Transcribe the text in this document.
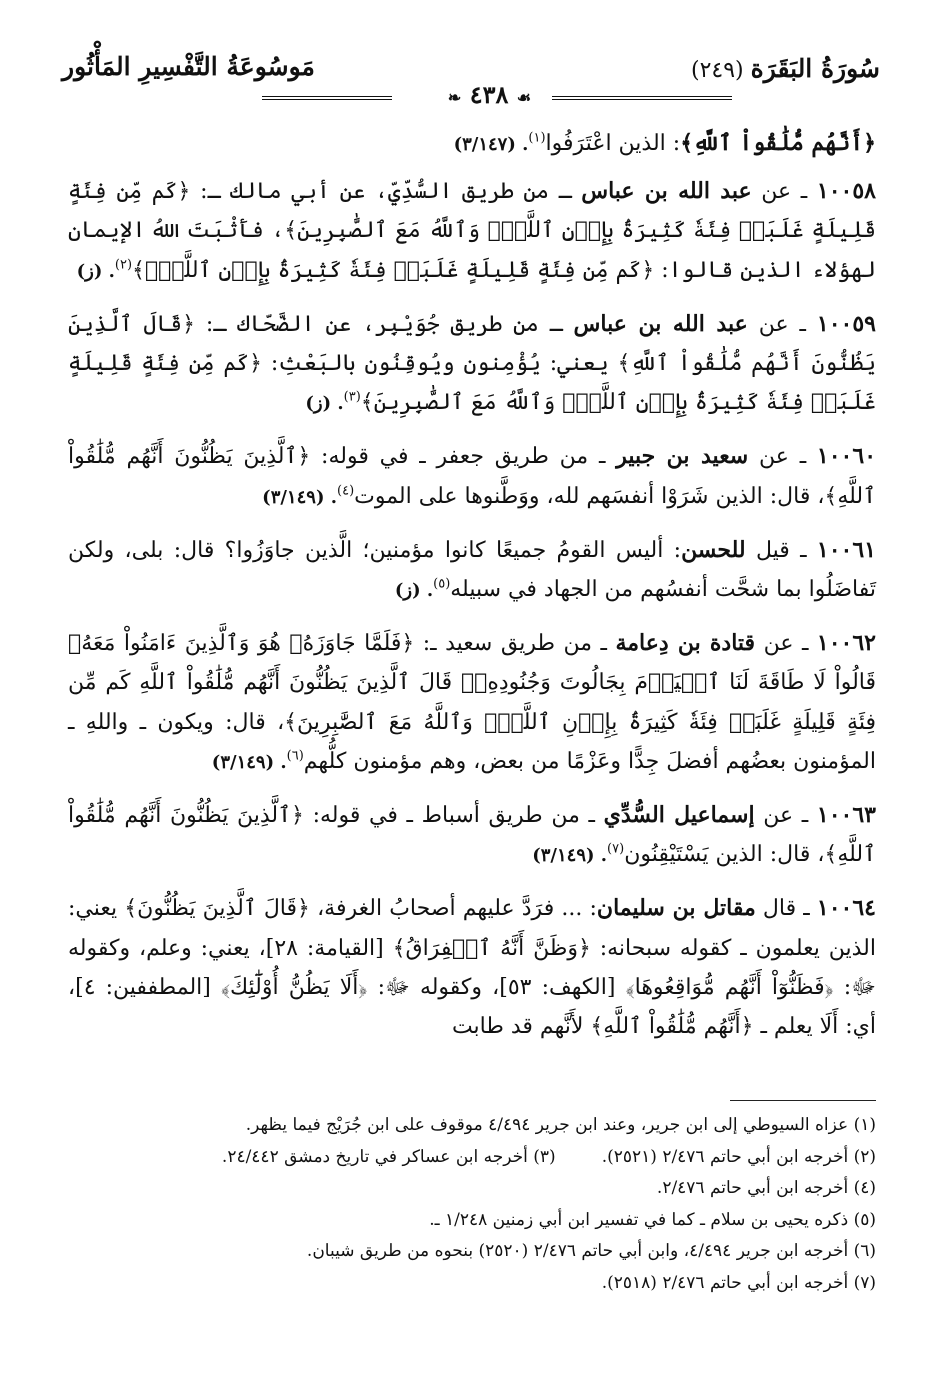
سُورَةُ البَقَرَة (٢٤٩)
❧ ٤٣٨ ☙
مَوسُوعَةُ التَّفْسِيرِ المَأْثُور

﴿أَنَّهُم مُّلَٰقُواْ ٱللَّهِ﴾: الذين اعْتَرَفُوا$^{(١)}$. (٣/١٤٧)

١٠٠٥٨ ـ عن عبد الله بن عباس ـ من طريق السُّدِّيِّ، عن أبي مالك ـ: ﴿كَم مِّن فِئَةٍ قَلِيلَةٍ غَلَبَتۡ فِئَةٗ كَثِيرَةَۢ بِإِذۡنِ ٱللَّهِۗ وَٱللَّهُ مَعَ ٱلصَّٰبِرِينَ﴾، فأَثْبَتَ اللهُ الإيمان لهؤلاء الذين قالوا: ﴿كَم مِّن فِئَةٍ قَلِيلَةٍ غَلَبَتۡ فِئَةٗ كَثِيرَةَۢ بِإِذۡنِ ٱللَّهِۗ﴾$^{(٢)}$. (ز)

١٠٠٥٩ ـ عن عبد الله بن عباس ـ من طريق جُوَيْبِر، عن الضَّحّاك ـ: ﴿قَالَ ٱلَّذِينَ يَظُنُّونَ أَنَّهُم مُّلَٰقُواْ ٱللَّهِ﴾ يعني: يُؤْمِنون ويُوقِنُون بالبَعْثِ: ﴿كَم مِّن فِئَةٍ قَلِيلَةٍ غَلَبَتۡ فِئَةٗ كَثِيرَةَۢ بِإِذۡنِ ٱللَّهِۗ وَٱللَّهُ مَعَ ٱلصَّٰبِرِينَ﴾$^{(٣)}$. (ز)

١٠٠٦٠ ـ عن سعيد بن جبير ـ من طريق جعفر ـ في قوله: ﴿ٱلَّذِينَ يَظُنُّونَ أَنَّهُم مُّلَٰقُواْ ٱللَّهِ﴾، قال: الذين شَرَوْا أنفسَهم لله، ووَطَّنوها على الموت$^{(٤)}$. (٣/١٤٩)

١٠٠٦١ ـ قيل للحسن: أليس القومُ جميعًا كانوا مؤمنين؛ الَّذين جاوَزُوا؟ قال: بلى، ولكن تَفاضَلُوا بما شحَّت أنفسُهم من الجهاد في سبيله$^{(٥)}$. (ز)

١٠٠٦٢ ـ عن قتادة بن دِعامة ـ من طريق سعيد ـ: ﴿فَلَمَّا جَاوَزَهُۥ هُوَ وَٱلَّذِينَ ءَامَنُواْ مَعَهُۥ قَالُواْ لَا طَاقَةَ لَنَا ٱلۡيَوۡمَ بِجَالُوتَ وَجُنُودِهِۦۚ قَالَ ٱلَّذِينَ يَظُنُّونَ أَنَّهُم مُّلَٰقُواْ ٱللَّهِ كَم مِّن فِئَةٍ قَلِيلَةٍ غَلَبَتۡ فِئَةٗ كَثِيرَةَۢ بِإِذۡنِ ٱللَّهِۗ وَٱللَّهُ مَعَ ٱلصَّٰبِرِينَ﴾، قال: ويكون ـ واللهِ ـ المؤمنون بعضُهم أفضلَ جِدًّا وعَزْمًا من بعض، وهم مؤمنون كلُّهم$^{(٦)}$. (٣/١٤٩)

١٠٠٦٣ ـ عن إسماعيل السُّدِّي ـ من طريق أسباط ـ في قوله: ﴿ٱلَّذِينَ يَظُنُّونَ أَنَّهُم مُّلَٰقُواْ ٱللَّهِ﴾، قال: الذين يَسْتَيْقِنُون$^{(٧)}$. (٣/١٤٩)

١٠٠٦٤ ـ قال مقاتل بن سليمان: ... فرَدَّ عليهم أصحابُ الغرفة، ﴿قَالَ ٱلَّذِينَ يَظُنُّونَ﴾ يعني: الذين يعلمون ـ كقوله سبحانه: ﴿وَظَنَّ أَنَّهُ ٱلۡفِرَاقُ﴾ [القيامة: ٢٨]، يعني: وعلم، وكقوله ﷻ: ﴿فَظَنُّوٓاْ أَنَّهُم مُّوَاقِعُوهَا﴾ [الكهف: ٥٣]، وكقوله ﷻ: ﴿أَلَا يَظُنُّ أُوْلَٰٓئِكَ﴾ [المطففين: ٤]، أي: أَلَا يعلم ـ ﴿أَنَّهُم مُّلَٰقُواْ ٱللَّهِ﴾ لأَنَّهم قد طابت

(١) عزاه السيوطي إلى ابن جرير، وعند ابن جرير ٤/٤٩٤ موقوف على ابن جُرَيْج فيما يظهر.
(٢) أخرجه ابن أبي حاتم ٢/٤٧٦ (٢٥٢١).(٣) أخرجه ابن عساكر في تاريخ دمشق ٢٤/٤٤٢.
(٤) أخرجه ابن أبي حاتم ٢/٤٧٦.
(٥) ذكره يحيى بن سلام ـ كما في تفسير ابن أبي زمنين ١/٢٤٨ ـ.
(٦) أخرجه ابن جرير ٤/٤٩٤، وابن أبي حاتم ٢/٤٧٦ (٢٥٢٠) بنحوه من طريق شيبان.
(٧) أخرجه ابن أبي حاتم ٢/٤٧٦ (٢٥١٨).
